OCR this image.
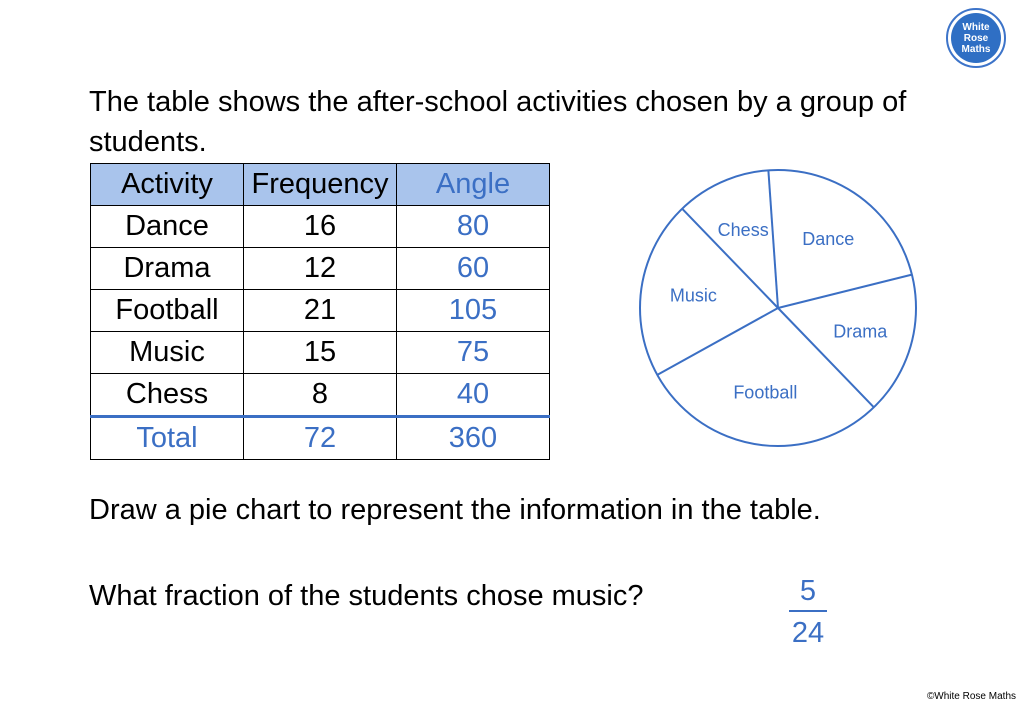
White
Rose
Maths
The table shows the after-school activities chosen by a group of students.
Activity	Frequency	Angle
Dance	16	80
Drama	12	60
Football	21	105
Music	15	75
Chess	8	40
Total	72	360
Dance
Drama
Football
Music
Chess
Draw a pie chart to represent the information in the table.
What fraction of the students chose music?	5
24
©White Rose Maths
